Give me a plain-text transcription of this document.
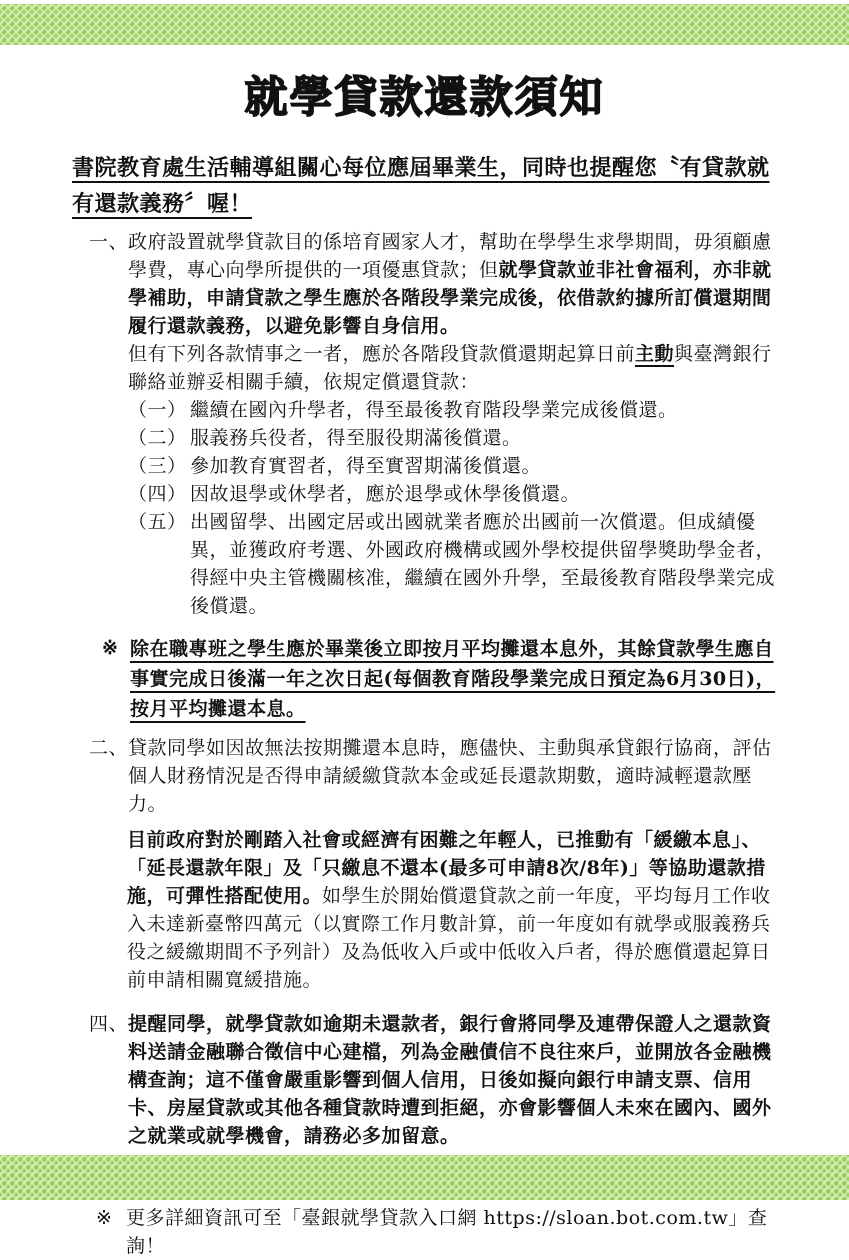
就學貸款還款須知

書院教育處生活輔導組關心每位應屆畢業生，同時也提醒您〝有貸款就有還款義務〞喔！

一、 政府設置就學貸款目的係培育國家人才，幫助在學學生求學期間，毋須顧慮學費，專心向學所提供的一項優惠貸款；但就學貸款並非社會福利，亦非就學補助，申請貸款之學生應於各階段學業完成後，依借款約據所訂償還期間履行還款義務，以避免影響自身信用。

但有下列各款情事之一者，應於各階段貸款償還期起算日前主動與臺灣銀行聯絡並辦妥相關手續，依規定償還貸款：

（一） 繼續在國內升學者，得至最後教育階段學業完成後償還。

（二） 服義務兵役者，得至服役期滿後償還。

（三） 參加教育實習者，得至實習期滿後償還。

（四） 因故退學或休學者，應於退學或休學後償還。

（五） 出國留學、出國定居或出國就業者應於出國前一次償還。但成績優異，並獲政府考選、外國政府機構或國外學校提供留學獎助學金者，得經中央主管機關核准，繼續在國外升學，至最後教育階段學業完成後償還。

※ 除在職專班之學生應於畢業後立即按月平均攤還本息外，其餘貸款學生應自事實完成日後滿一年之次日起(每個教育階段學業完成日預定為6月30日)，按月平均攤還本息。

二、 貸款同學如因故無法按期攤還本息時，應儘快、主動與承貸銀行協商，評估個人財務情況是否得申請緩繳貸款本金或延長還款期數，適時減輕還款壓力。

目前政府對於剛踏入社會或經濟有困難之年輕人，已推動有「緩繳本息」、「延長還款年限」及「只繳息不還本(最多可申請8次/8年)」等協助還款措施，可彈性搭配使用。如學生於開始償還貸款之前一年度，平均每月工作收入未達新臺幣四萬元（以實際工作月數計算，前一年度如有就學或服義務兵役之緩繳期間不予列計）及為低收入戶或中低收入戶者，得於應償還起算日前申請相關寬緩措施。

四、 提醒同學，就學貸款如逾期未還款者，銀行會將同學及連帶保證人之還款資料送請金融聯合徵信中心建檔，列為金融債信不良往來戶，並開放各金融機構查詢；這不僅會嚴重影響到個人信用，日後如擬向銀行申請支票、信用卡、房屋貸款或其他各種貸款時遭到拒絕，亦會影響個人未來在國內、國外之就業或就學機會，請務必多加留意。

※ 更多詳細資訊可至「臺銀就學貸款入口網 https://sloan.bot.com.tw」查詢！
